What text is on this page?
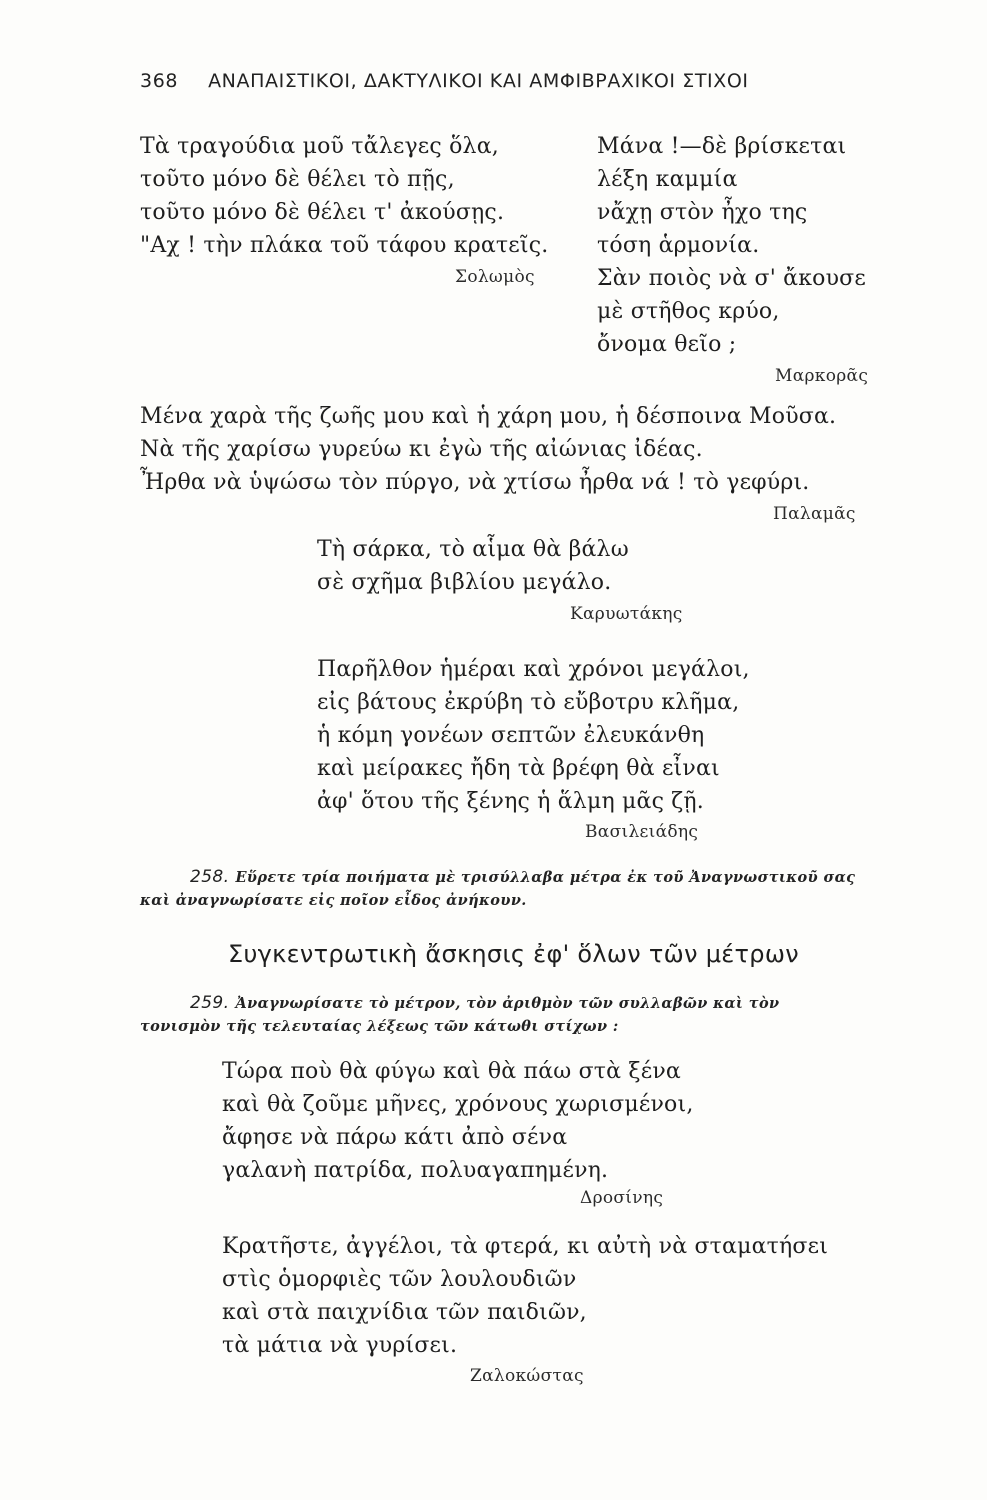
368 ΑΝΑΠΑΙΣΤΙΚΟΙ, ΔΑΚΤΥΛΙΚΟΙ ΚΑΙ ΑΜΦΙΒΡΑΧΙΚΟΙ ΣΤΙΧΟΙ
Τὰ τραγούδια μοῦ τἄλεγες ὅλα,
τοῦτο μόνο δὲ θέλει τὸ πῇς,
τοῦτο μόνο δὲ θέλει τ' ἀκούσῃς.
"Αχ ! τὴν πλάκα τοῦ τάφου κρατεῖς.
Σολωμὸς
Μάνα !—δὲ βρίσκεται
λέξη καμμία
νἄχῃ στὸν ἦχο της
τόση ἁρμονία.
Σὰν ποιὸς νὰ σ' ἄκουσε
μὲ στῆθος κρύο,
ὄνομα θεῖο ;
Μαρκορᾶς
Μένα χαρὰ τῆς ζωῆς μου καὶ ἡ χάρη μου, ἡ δέσποινα Μοῦσα.
Νὰ τῆς χαρίσω γυρεύω κι ἐγὼ τῆς αἰώνιας ἰδέας.
Ἦρθα νὰ ὑψώσω τὸν πύργο, νὰ χτίσω ἦρθα νά ! τὸ γεφύρι.
Παλαμᾶς
Τὴ σάρκα, τὸ αἷμα θὰ βάλω
σὲ σχῆμα βιβλίου μεγάλο.
Καρυωτάκης
Παρῆλθον ἡμέραι καὶ χρόνοι μεγάλοι,
εἰς βάτους ἐκρύβη τὸ εὔβοτρυ κλῆμα,
ἡ κόμη γονέων σεπτῶν ἐλευκάνθη
καὶ μείρακες ἤδη τὰ βρέφη θὰ εἶναι
ἀφ' ὅτου τῆς ξένης ἡ ἅλμη μᾶς ζῇ.
Βασιλειάδης
258. Εὕρετε τρία ποιήματα μὲ τρισύλλαβα μέτρα ἐκ τοῦ Ἀναγνωστικοῦ σας καὶ ἀναγνωρίσατε εἰς ποῖον εἶδος ἀνήκουν.
Συγκεντρωτικὴ ἄσκησις ἐφ' ὅλων τῶν μέτρων
259. Ἀναγνωρίσατε τὸ μέτρον, τὸν ἀριθμὸν τῶν συλλαβῶν καὶ τὸν τονισμὸν τῆς τελευταίας λέξεως τῶν κάτωθι στίχων :
Τώρα ποὺ θὰ φύγω καὶ θὰ πάω στὰ ξένα
καὶ θὰ ζοῦμε μῆνες, χρόνους χωρισμένοι,
ἄφησε νὰ πάρω κάτι ἀπὸ σένα
γαλανὴ πατρίδα, πολυαγαπημένη.
Δροσίνης
Κρατῆστε, ἀγγέλοι, τὰ φτερά, κι αὐτὴ νὰ σταματήσει
στὶς ὁμορφιὲς τῶν λουλουδιῶν
καὶ στὰ παιχνίδια τῶν παιδιῶν,
τὰ μάτια νὰ γυρίσει.
Ζαλοκώστας
